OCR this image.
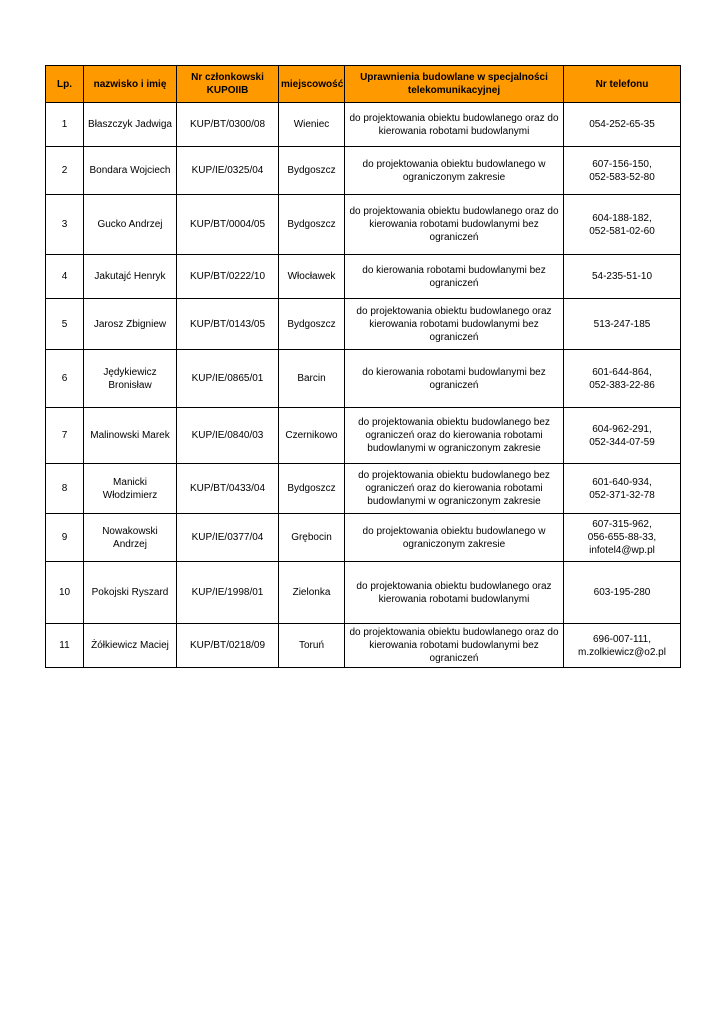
Lp.	nazwisko i imię	Nr członkowski KUPOIIB	miejscowość	Uprawnienia budowlane w specjalności telekomunikacyjnej	Nr telefonu
1	Błaszczyk Jadwiga	KUP/BT/0300/08	Wieniec	do projektowania obiektu budowlanego oraz do kierowania robotami budowlanymi	054-252-65-35

2	Bondara Wojciech	KUP/IE/0325/04	Bydgoszcz	do projektowania obiektu budowlanego w ograniczonym zakresie	607-156-150,
052-583-52-80

3	Gucko Andrzej	KUP/BT/0004/05	Bydgoszcz	do projektowania obiektu budowlanego oraz do kierowania robotami budowlanymi bez ograniczeń	604-188-182,
052-581-02-60

4	Jakutajć Henryk	KUP/BT/0222/10	Włocławek	do kierowania robotami budowlanymi bez ograniczeń	54-235-51-10

5	Jarosz Zbigniew	KUP/BT/0143/05	Bydgoszcz	do projektowania obiektu budowlanego oraz kierowania robotami budowlanymi bez ograniczeń	513-247-185

6	Jędykiewicz Bronisław	KUP/IE/0865/01	Barcin	do kierowania robotami budowlanymi bez ograniczeń	601-644-864,
052-383-22-86

7	Malinowski Marek	KUP/IE/0840/03	Czernikowo	do projektowania obiektu budowlanego bez ograniczeń oraz do kierowania robotami budowlanymi w ograniczonym zakresie	604-962-291,
052-344-07-59

8	Manicki Włodzimierz	KUP/BT/0433/04	Bydgoszcz	do projektowania obiektu budowlanego bez ograniczeń oraz do kierowania robotami budowlanymi w ograniczonym zakresie	601-640-934,
052-371-32-78

9	Nowakowski Andrzej	KUP/IE/0377/04	Grębocin	do projektowania obiektu budowlanego w ograniczonym zakresie	607-315-962,
056-655-88-33,
infotel4@wp.pl

10	Pokojski Ryszard	KUP/IE/1998/01	Zielonka	do projektowania obiektu budowlanego oraz kierowania robotami budowlanymi	603-195-280

11	Żółkiewicz Maciej	KUP/BT/0218/09	Toruń	do projektowania obiektu budowlanego oraz do kierowania robotami budowlanymi bez ograniczeń	696-007-111,
m.zolkiewicz@o2.pl
